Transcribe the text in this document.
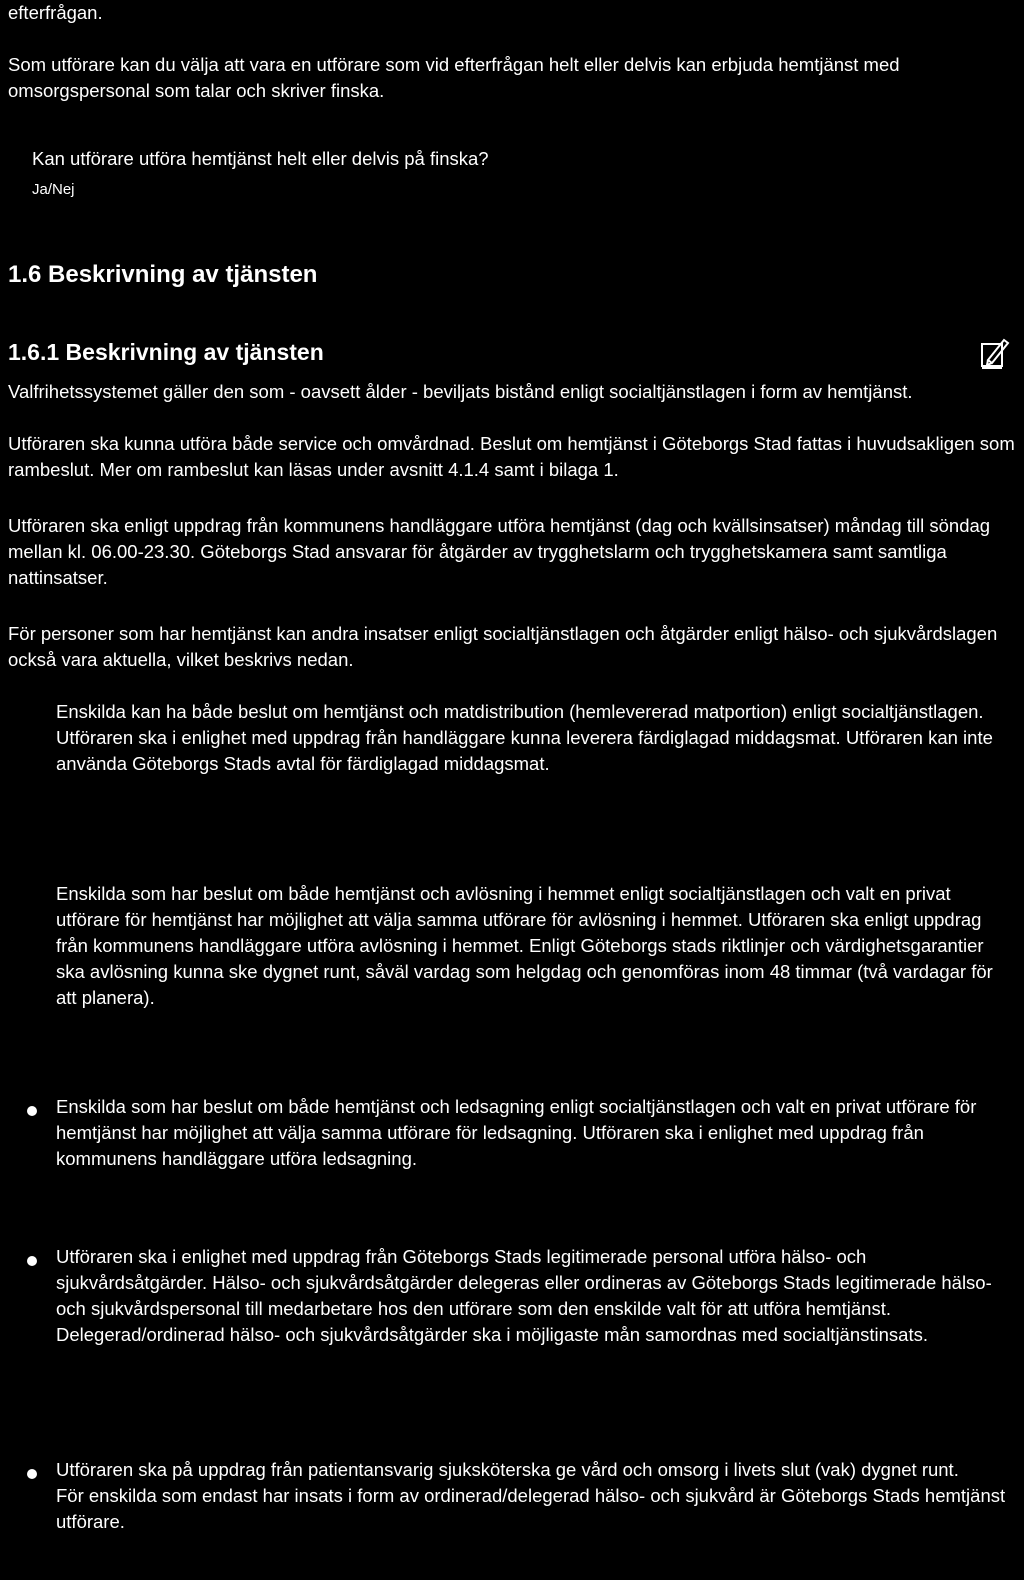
efterfrågan.

Som utförare kan du välja att vara en utförare som vid efterfrågan helt eller delvis kan erbjuda hemtjänst med omsorgspersonal som talar och skriver finska.

Kan utförare utföra hemtjänst helt eller delvis på finska?

Ja/Nej

1.6 Beskrivning av tjänsten
1.6.1 Beskrivning av tjänsten

Valfrihetssystemet gäller den som - oavsett ålder - beviljats bistånd enligt socialtjänstlagen i form av hemtjänst.

Utföraren ska kunna utföra både service och omvårdnad. Beslut om hemtjänst i Göteborgs Stad fattas i huvudsakligen som rambeslut. Mer om rambeslut kan läsas under avsnitt 4.1.4 samt i bilaga 1.

Utföraren ska enligt uppdrag från kommunens handläggare utföra hemtjänst (dag och kvällsinsatser) måndag till söndag mellan kl. 06.00-23.30. Göteborgs Stad ansvarar för åtgärder av trygghetslarm och trygghetskamera samt samtliga nattinsatser.

För personer som har hemtjänst kan andra insatser enligt socialtjänstlagen och åtgärder enligt hälso- och sjukvårdslagen också vara aktuella, vilket beskrivs nedan.

Enskilda kan ha både beslut om hemtjänst och matdistribution (hemlevererad matportion) enligt socialtjänstlagen. Utföraren ska i enlighet med uppdrag från handläggare kunna leverera färdiglagad middagsmat. Utföraren kan inte använda Göteborgs Stads avtal för färdiglagad middagsmat.

Enskilda som har beslut om både hemtjänst och avlösning i hemmet enligt socialtjänstlagen och valt en privat utförare för hemtjänst har möjlighet att välja samma utförare för avlösning i hemmet. Utföraren ska enligt uppdrag från kommunens handläggare utföra avlösning i hemmet. Enligt Göteborgs stads riktlinjer och värdighetsgarantier ska avlösning kunna ske dygnet runt, såväl vardag som helgdag och genomföras inom 48 timmar (två vardagar för att planera).

Enskilda som har beslut om både hemtjänst och ledsagning enligt socialtjänstlagen och valt en privat utförare för hemtjänst har möjlighet att välja samma utförare för ledsagning. Utföraren ska i enlighet med uppdrag från kommunens handläggare utföra ledsagning.

Utföraren ska i enlighet med uppdrag från Göteborgs Stads legitimerade personal utföra hälso- och sjukvårdsåtgärder. Hälso- och sjukvårdsåtgärder delegeras eller ordineras av Göteborgs Stads legitimerade hälso- och sjukvårdspersonal till medarbetare hos den utförare som den enskilde valt för att utföra hemtjänst. Delegerad/ordinerad hälso- och sjukvårdsåtgärder ska i möjligaste mån samordnas med socialtjänstinsats.

Utföraren ska på uppdrag från patientansvarig sjuksköterska ge vård och omsorg i livets slut (vak) dygnet runt.
För enskilda som endast har insats i form av ordinerad/delegerad hälso- och sjukvård är Göteborgs Stads hemtjänst utförare.
